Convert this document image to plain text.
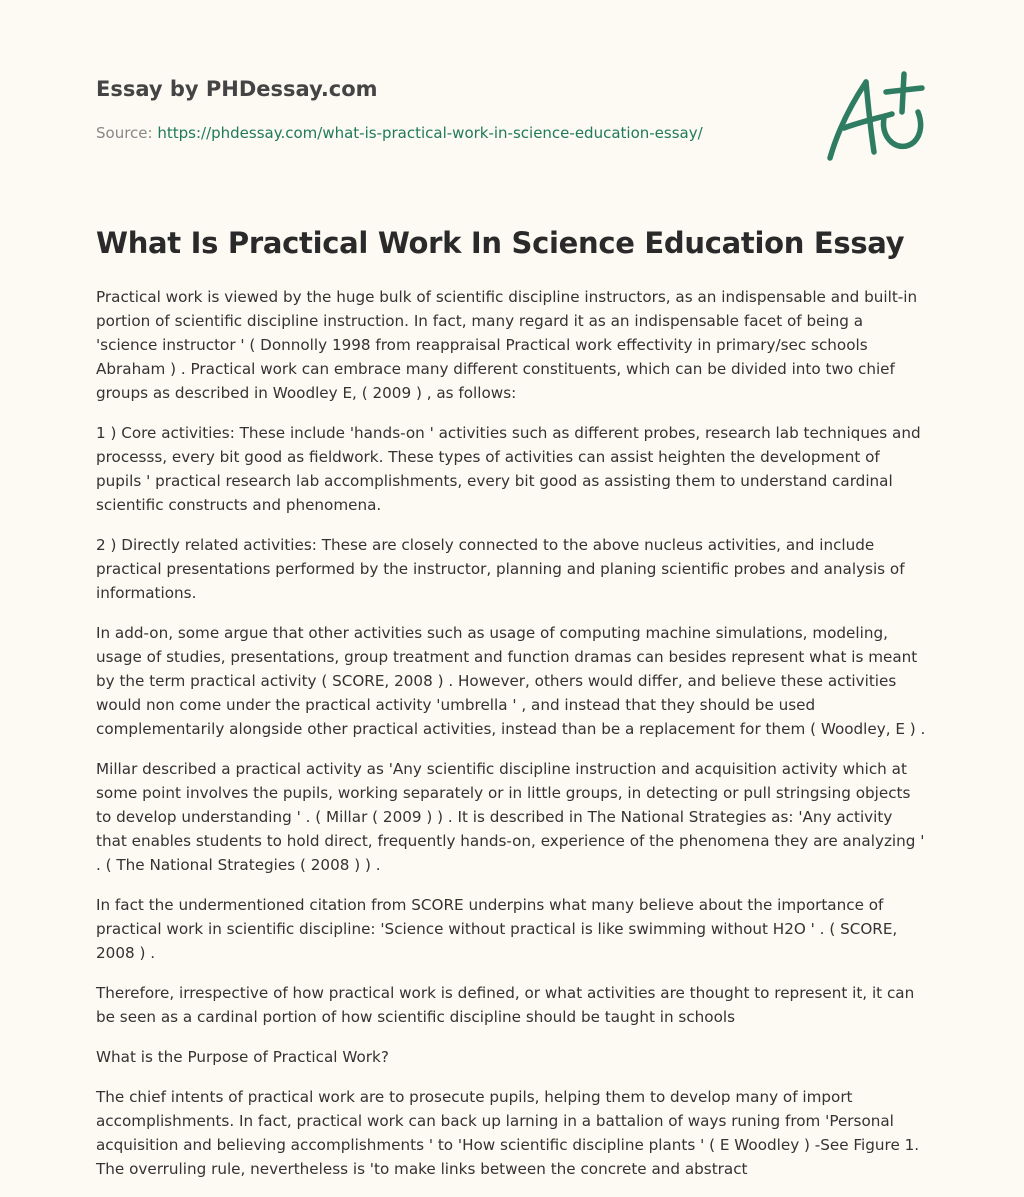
Essay by PHDessay.com
Source: https://phdessay.com/what-is-practical-work-in-science-education-essay/
What Is Practical Work In Science Education Essay

Practical work is viewed by the huge bulk of scientific discipline instructors, as an indispensable and built-in portion of scientific discipline instruction. In fact, many regard it as an indispensable facet of being a 'science instructor ' ( Donnolly 1998 from reappraisal Practical work effectivity in primary/sec schools Abraham ) . Practical work can embrace many different constituents, which can be divided into two chief groups as described in Woodley E, ( 2009 ) , as follows:

1 ) Core activities: These include 'hands-on ' activities such as different probes, research lab techniques and processs, every bit good as fieldwork. These types of activities can assist heighten the development of pupils ' practical research lab accomplishments, every bit good as assisting them to understand cardinal scientific constructs and phenomena.

2 ) Directly related activities: These are closely connected to the above nucleus activities, and include practical presentations performed by the instructor, planning and planing scientific probes and analysis of informations.

In add-on, some argue that other activities such as usage of computing machine simulations, modeling, usage of studies, presentations, group treatment and function dramas can besides represent what is meant by the term practical activity ( SCORE, 2008 ) . However, others would differ, and believe these activities would non come under the practical activity 'umbrella ' , and instead that they should be used complementarily alongside other practical activities, instead than be a replacement for them ( Woodley, E ) .

Millar described a practical activity as 'Any scientific discipline instruction and acquisition activity which at some point involves the pupils, working separately or in little groups, in detecting or pull stringsing objects to develop understanding ' . ( Millar ( 2009 ) ) . It is described in The National Strategies as: 'Any activity that enables students to hold direct, frequently hands-on, experience of the phenomena they are analyzing ' . ( The National Strategies ( 2008 ) ) .

In fact the undermentioned citation from SCORE underpins what many believe about the importance of practical work in scientific discipline: 'Science without practical is like swimming without H2O ' . ( SCORE, 2008 ) .

Therefore, irrespective of how practical work is defined, or what activities are thought to represent it, it can be seen as a cardinal portion of how scientific discipline should be taught in schools

What is the Purpose of Practical Work?

The chief intents of practical work are to prosecute pupils, helping them to develop many of import accomplishments. In fact, practical work can back up larning in a battalion of ways runing from 'Personal acquisition and believing accomplishments ' to 'How scientific discipline plants ' ( E Woodley ) -See Figure 1. The overruling rule, nevertheless is 'to make links between the concrete and abstract
